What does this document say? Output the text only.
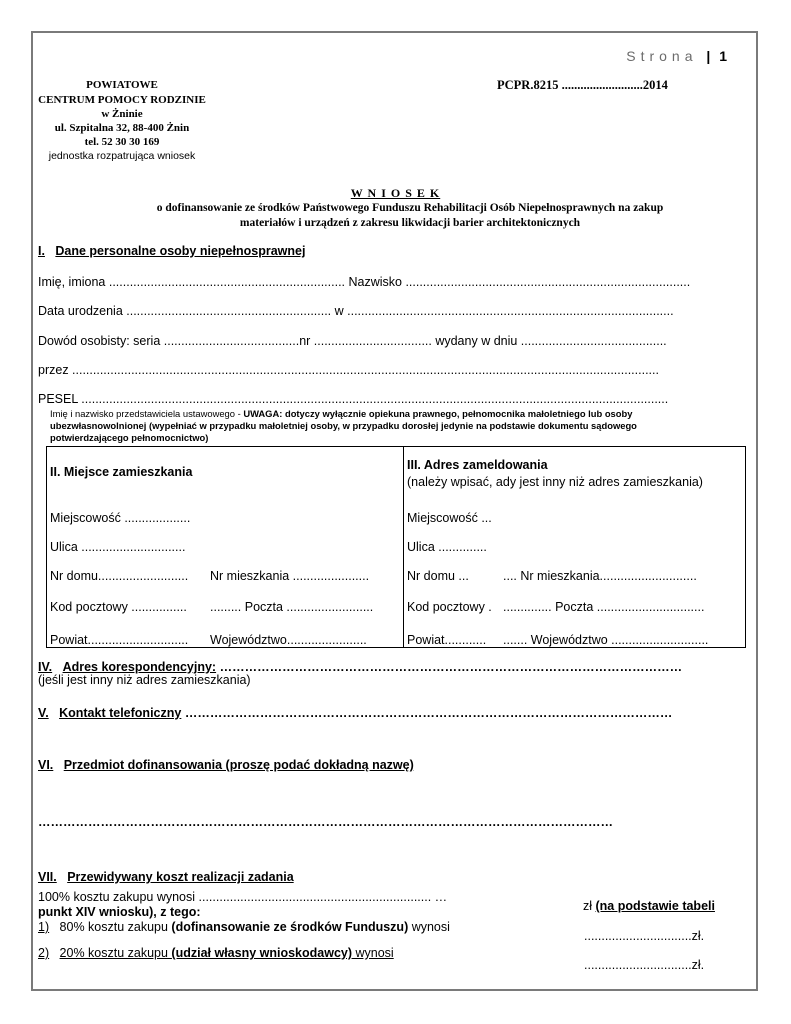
Strona | 1
POWIATOWE
CENTRUM POMOCY RODZINIE
w Żninie
ul. Szpitalna 32, 88-400 Żnin
tel. 52 30 30 169
jednostka rozpatrująca wniosek
PCPR.8215 ..........................2014
W N I O S E K
o dofinansowanie ze środków Państwowego Funduszu Rehabilitacji Osób Niepełnosprawnych na zakup
materiałów i urządzeń z zakresu likwidacji barier architektonicznych
I. Dane personalne osoby niepełnosprawnej
Imię, imiona .................................................................... Nazwisko ..................................................................................
Data urodzenia ........................................................... w ..............................................................................................
Dowód osobisty: seria .......................................nr .................................. wydany w dniu ..........................................
przez .........................................................................................................................................................................
PESEL .........................................................................................................................................................................
Imię i nazwisko przedstawiciela ustawowego - UWAGA: dotyczy wyłącznie opiekuna prawnego, pełnomocnika małoletniego lub osoby
ubezwłasnowolnionej (wypełniać w przypadku małoletniej osoby, w przypadku dorosłej jedynie na podstawie dokumentu sądowego
potwierdzającego pełnomocnictwo)
II. Miejsce zamieszkania
Miejscowość ...................
Ulica ..............................
Nr domu.......................... Nr mieszkania ......................
Kod pocztowy ................ ......... Poczta .........................
Powiat............................. Województwo.......................
III. Adres zameldowania
(należy wpisać, ady jest inny niż adres zamieszkania)
Miejscowość ...
Ulica ..............
Nr domu ...	.... Nr mieszkania............................
Kod pocztowy . .............. Poczta ...............................
Powiat............ ....... Województwo ............................
IV. Adres korespondencyjny: …………………………………………………………………………………………………
(jeśli jest inny niż adres zamieszkania)
V. Kontakt telefoniczny ………………………………………………………………………………………………………
VI. Przedmiot dofinansowania (proszę podać dokładną nazwę)
…………………………………………………………………………………………………………………………
VII. Przewidywany koszt realizacji zadania
100% kosztu zakupu wynosi ................................................................... …
zł (na podstawie tabeli
punkt XIV wniosku), z tego:
1) 80% kosztu zakupu (dofinansowanie ze środków Funduszu) wynosi
...............................zł.
2) 20% kosztu zakupu (udział własny wnioskodawcy) wynosi
...............................zł.
